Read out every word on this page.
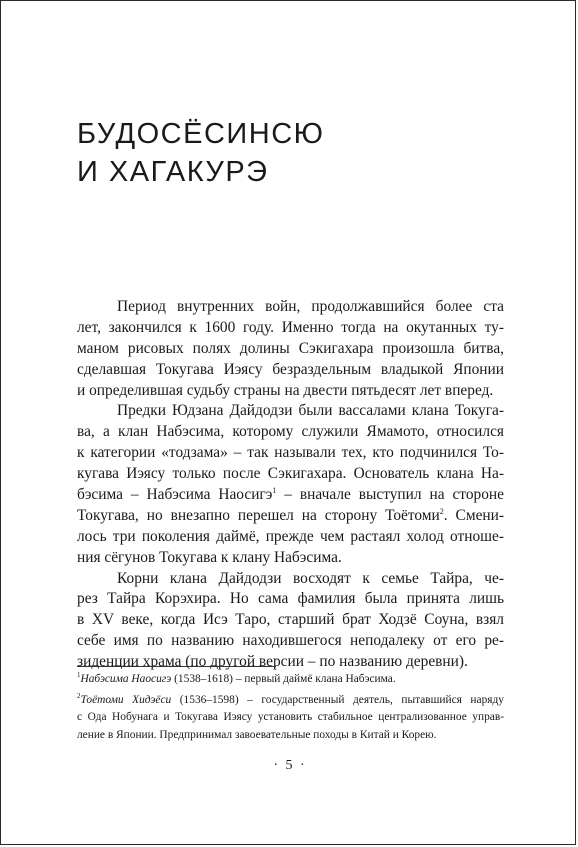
БУДОСЁСИНСЮ
И ХАГАКУРЭ
Период внутренних войн, продолжавшийся более ста
лет, закончился к 1600 году. Именно тогда на окутанных ту-
маном рисовых полях долины Сэкигахара произошла битва,
сделавшая Токугава Иэясу безраздельным владыкой Японии
и определившая судьбу страны на двести пятьдесят лет вперед.
Предки Юдзана Дайдодзи были вассалами клана Токуга-
ва, а клан Набэсима, которому служили Ямамото, относился
к категории «тодзама» – так называли тех, кто подчинился То-
кугава Иэясу только после Сэкигахара. Основатель клана На-
бэсима – Набэсима Наосигэ$^1$ – вначале выступил на стороне
Токугава, но внезапно перешел на сторону Тоётоми$^2$. Смени-
лось три поколения даймё, прежде чем растаял холод отноше-
ния сёгунов Токугава к клану Набэсима.
Корни клана Дайдодзи восходят к семье Тайра, че-
рез Тайра Корэхира. Но сама фамилия была принята лишь
в XV веке, когда Исэ Таро, старший брат Ходзё Соуна, взял
себе имя по названию находившегося неподалеку от его ре-
зиденции храма (по другой версии – по названию деревни).
$^1$Набэсима Наосигэ (1538–1618) – первый даймё клана Набэсима.
$^2$Тоётоми Хидэёси (1536–1598) – государственный деятель, пытавшийся наряду
с Ода Нобунага и Токугава Иэясу установить стабильное централизованное управ-
ление в Японии. Предпринимал завоевательные походы в Китай и Корею.
· 5 ·
